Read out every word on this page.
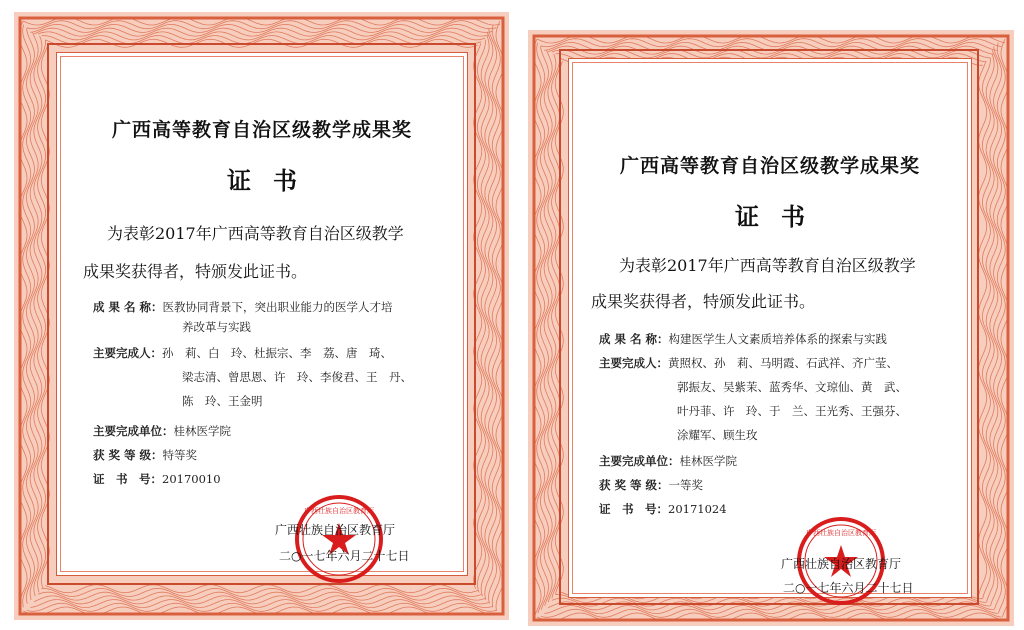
广西高等教育自治区级教学成果奖
证书
为表彰2017年广西高等教育自治区级教学
成果奖获得者，特颁发此证书。
成 果 名 称：医教协同背景下，突出职业能力的医学人才培
养改革与实践
主要完成人：孙　莉、白　玲、杜振宗、李　荔、唐　琦、
梁志清、曾思恩、许　玲、李俊君、王　丹、
陈　玲、王金明
主要完成单位：桂林医学院
获 奖 等 级：特等奖
证　书　号：20170010
广西壮族自治区教育厅
广西壮族自治区教育厅
二○一七年六月二十七日
广西高等教育自治区级教学成果奖
证书
为表彰2017年广西高等教育自治区级教学
成果奖获得者，特颁发此证书。
成 果 名 称：构建医学生人文素质培养体系的探索与实践
主要完成人：黄照权、孙　莉、马明霞、石武祥、齐广莹、
郭振友、吴紫茉、蓝秀华、文琼仙、黄　武、
叶丹菲、许　玲、于　兰、王光秀、王强芬、
涂耀军、顾生玫
主要完成单位：桂林医学院
获 奖 等 级：一等奖
证　书　号：20171024
广西壮族自治区教育厅
广西壮族自治区教育厅
二○一七年六月二十七日
